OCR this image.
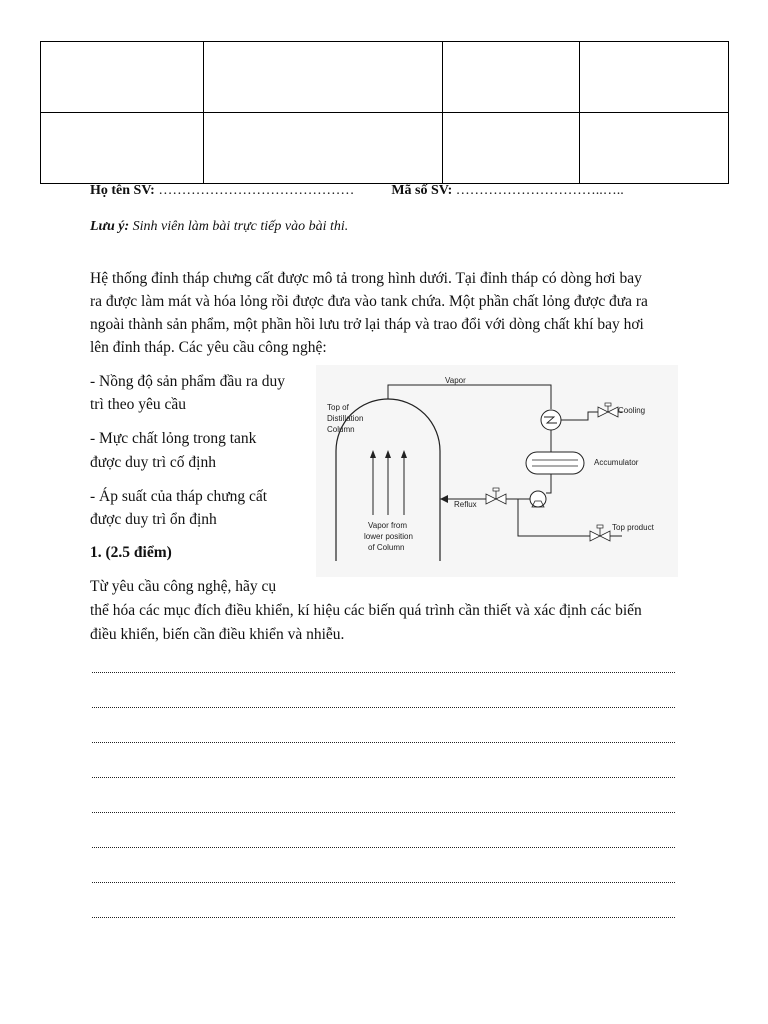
Họ tên SV: ……………………………………	Mã số SV: …………………………..…..
Lưu ý: Sinh viên làm bài trực tiếp vào bài thi.
Hệ thống đỉnh tháp chưng cất được mô tả trong hình dưới. Tại đỉnh tháp có dòng hơi bay
ra được làm mát và hóa lỏng rồi được đưa vào tank chứa. Một phần chất lỏng được đưa ra
ngoài thành sản phẩm, một phần hồi lưu trở lại tháp và trao đổi với dòng chất khí bay hơi
lên đỉnh tháp. Các yêu cầu công nghệ:
- Nồng độ sản phẩm đầu ra duy
trì theo yêu cầu
- Mực chất lỏng trong tank
được duy trì cố định
- Áp suất của tháp chưng cất
được duy trì ổn định
Vapor
Top of
Distillation
Column
Cooling
Accumulator
Reflux
Top product
Vapor from
lower position
of Column
1. (2.5 điểm)
Từ yêu cầu công nghệ, hãy cụ
thể hóa các mục đích điều khiển, kí hiệu các biến quá trình cần thiết và xác định các biến
điều khiển, biến cần điều khiển và nhiễu.
